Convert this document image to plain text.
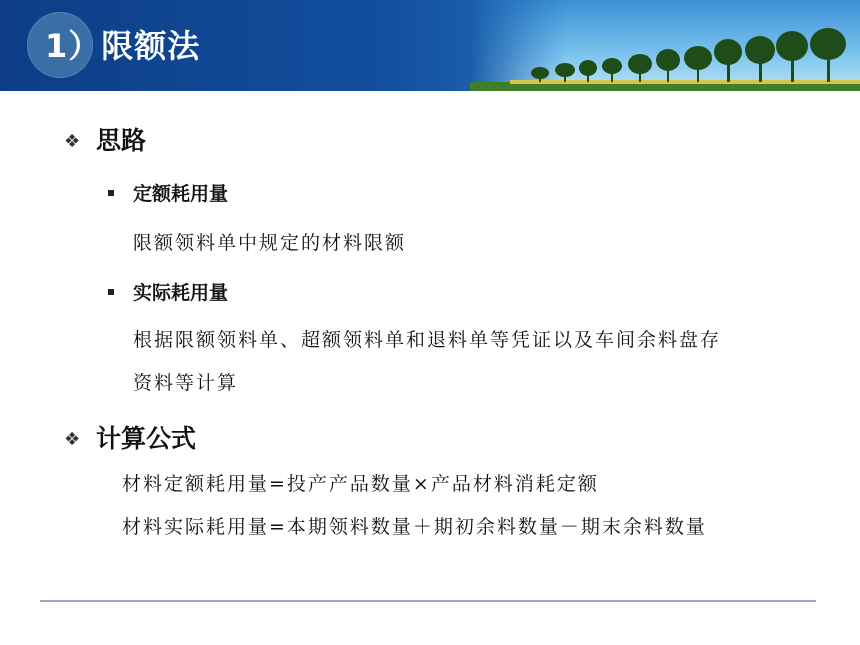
1）限额法
❖ 思路
定额耗用量
限额领料单中规定的材料限额
实际耗用量
根据限额领料单、超额领料单和退料单等凭证以及车间余料盘存
资料等计算
❖ 计算公式
材料定额耗用量=投产产品数量×产品材料消耗定额
材料实际耗用量=本期领料数量＋期初余料数量－期末余料数量
